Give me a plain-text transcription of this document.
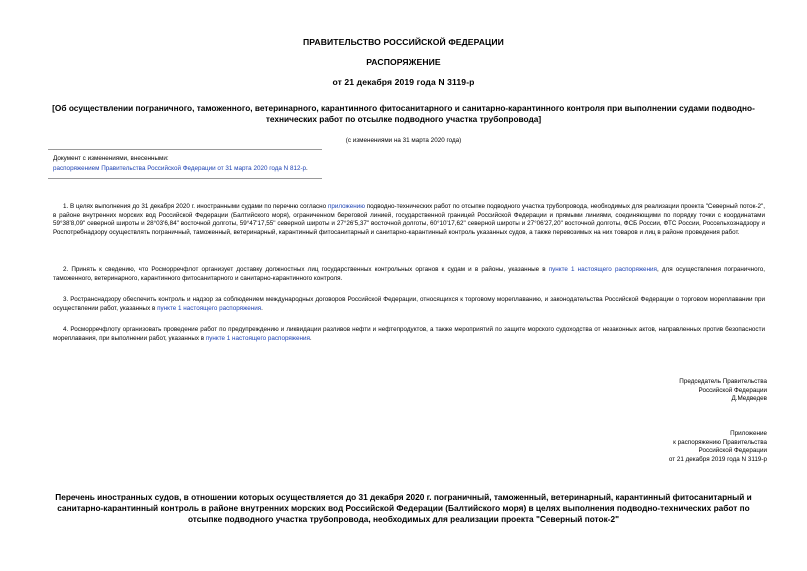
ПРАВИТЕЛЬСТВО РОССИЙСКОЙ ФЕДЕРАЦИИ
РАСПОРЯЖЕНИЕ
от 21 декабря 2019 года N 3119-р
[Об осуществлении пограничного, таможенного, ветеринарного, карантинного фитосанитарного и санитарно-карантинного контроля при выполнении судами подводно-технических работ по отсылке подводного участка трубопровода]
(с изменениями на 31 марта 2020 года)
Документ с изменениями, внесенными:
распоряжением Правительства Российской Федерации от 31 марта 2020 года N 812-р.

1. В целях выполнения до 31 декабря 2020 г. иностранными судами по перечню согласно приложению подводно-технических работ по отсыпке подводного участка трубопровода, необходимых для реализации проекта "Северный поток-2", в районе внутренних морских вод Российской Федерации (Балтийского моря), ограниченном береговой линией, государственной границей Российской Федерации и прямыми линиями, соединяющими по порядку точки с координатами 59°38'8,09" северной широты и 28°03'6,84" восточной долготы, 59°47'17,55" северной широты и 27°26'5,37" восточной долготы, 60°10'17,62" северной широты и 27°06'27,20" восточной долготы, ФСБ России, ФТС России, Россельхознадзору и Роспотребнадзору осуществлять пограничный, таможенный, ветеринарный, карантинный фитосанитарный и санитарно-карантинный контроль указанных судов, а также перевозимых на них товаров и лиц в районе проведения работ.

2. Принять к сведению, что Росморречфлот организует доставку должностных лиц государственных контрольных органов к судам и в районы, указанные в пункте 1 настоящего распоряжения, для осуществления пограничного, таможенного, ветеринарного, карантинного фитосанитарного и санитарно-карантинного контроля.

3. Ространснадзору обеспечить контроль и надзор за соблюдением международных договоров Российской Федерации, относящихся к торговому мореплаванию, и законодательства Российской Федерации о торговом мореплавании при осуществлении работ, указанных в пункте 1 настоящего распоряжения.

4. Росморречфлоту организовать проведение работ по предупреждению и ликвидации разливов нефти и нефтепродуктов, а также мероприятий по защите морского судоходства от незаконных актов, направленных против безопасности мореплавания, при выполнении работ, указанных в пункте 1 настоящего распоряжения.

Председатель Правительства
Российской Федерации
Д.Медведев
Приложение
к распоряжению Правительства
Российской Федерации
от 21 декабря 2019 года N 3119-р
Перечень иностранных судов, в отношении которых осуществляется до 31 декабря 2020 г. пограничный, таможенный, ветеринарный, карантинный фитосанитарный и санитарно-карантинный контроль в районе внутренних морских вод Российской Федерации (Балтийского моря) в целях выполнения подводно-технических работ по отсыпке подводного участка трубопровода, необходимых для реализации проекта "Северный поток-2"
